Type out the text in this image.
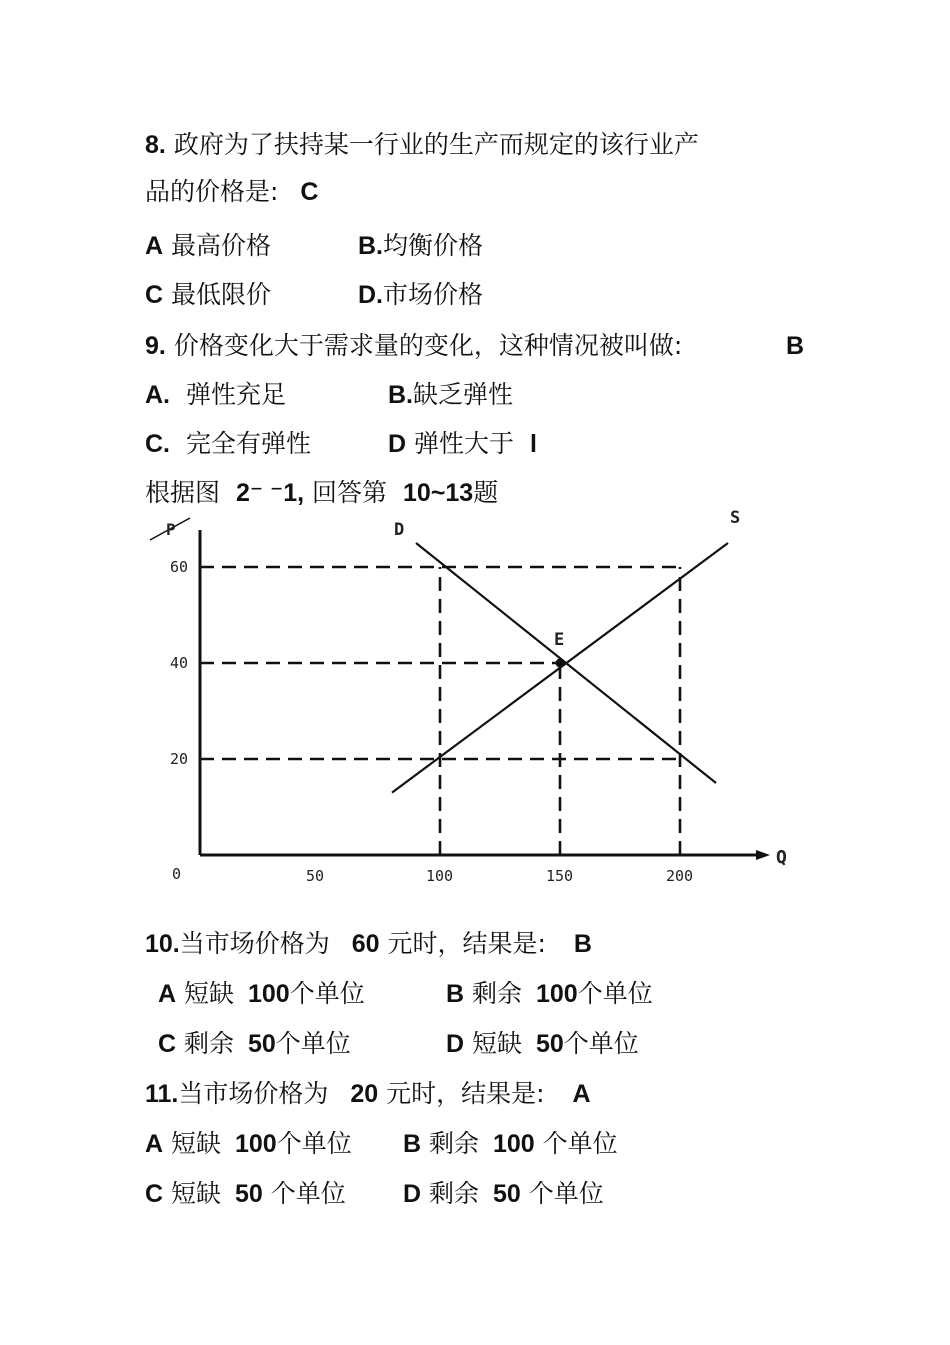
8. 政府为了扶持某一行业的生产而规定的该行业产
品的价格是: C
A 最高价格	B.均衡价格
C 最低限价	D.市场价格
9. 价格变化大于需求量的变化，这种情况被叫做:	B
A. 弹性充足	B.缺乏弹性
C. 完全有弹性	D 弹性大于 l
根据图 2⁻ ⁻1, 回答第 10~13题
D
S
E
20
40
60
50	100	150	200
0
Q
P
10.当市场价格为 60 元时，结果是: B
A 短缺 100个单位	B 剩余 100个单位
C 剩余 50个单位	D 短缺 50个单位
11.当市场价格为 20 元时，结果是: A
A 短缺 100个单位 B 剩余 100 个单位
C 短缺 50 个单位 D 剩余 50 个单位
